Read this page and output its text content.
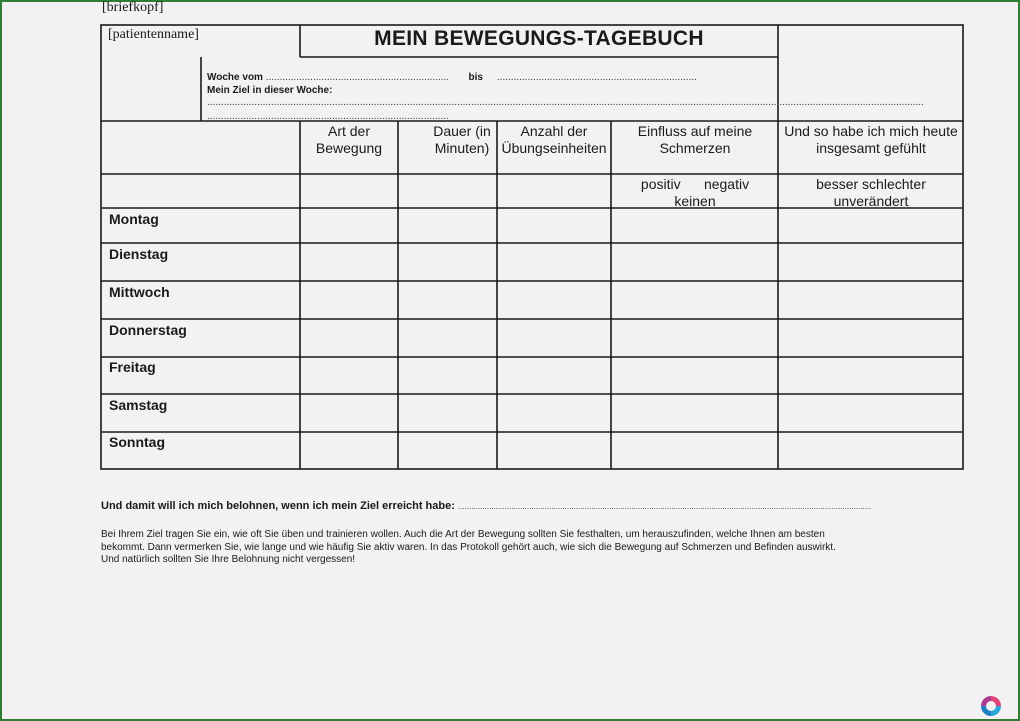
[briefkopf]
[patientenname]	MEIN BEWEGUNGS-TAGEBUCH
Woche vom .................................................................. bis     ........................................................................
Mein Ziel in dieser Woche:
..................................................................................................................................................................................................................................................................
.......................................................................................
Art der Bewegung
Dauer (in Minuten)
Anzahl der Übungseinheiten
Einfluss auf meine Schmerzen
Und so habe ich mich heute insgesamt gefühlt
positiv negativ
keinen
besser schlechter
unverändert
Montag
Dienstag
Mittwoch
Donnerstag
Freitag
Samstag
Sonntag
Und damit will ich mich belohnen, wenn ich mein Ziel erreicht habe: ..........................................................................................................................................................................................
Bei Ihrem Ziel tragen Sie ein, wie oft Sie üben und trainieren wollen. Auch die Art der Bewegung sollten Sie festhalten, um herauszufinden, welche Ihnen am besten
bekommt. Dann vermerken Sie, wie lange und wie häufig Sie aktiv waren. In das Protokoll gehört auch, wie sich die Bewegung auf Schmerzen und Befinden auswirkt.
Und natürlich sollten Sie Ihre Belohnung nicht vergessen!
